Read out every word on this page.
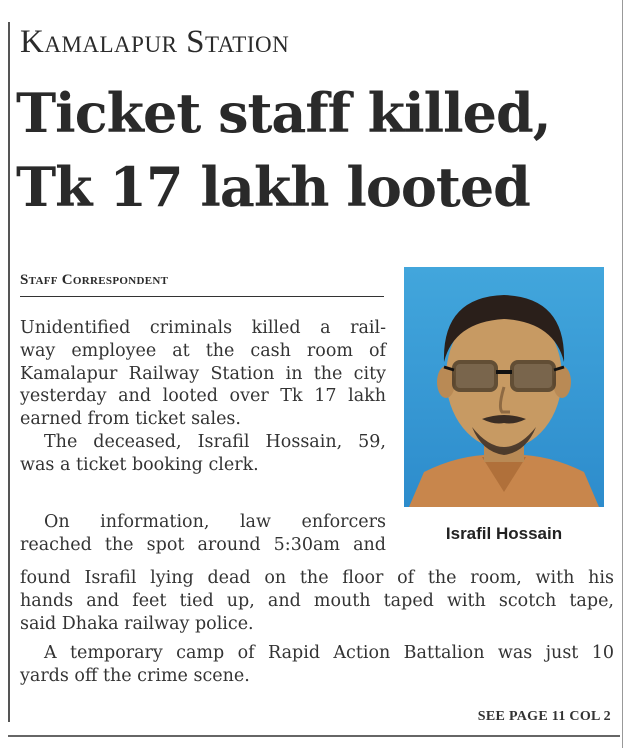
Kamalapur Station
Ticket staff killed,
Tk 17 lakh looted
Staff Correspondent
Israfil Hossain
Unidentified criminals killed a rail-
way employee at the cash room of
Kamalapur Railway Station in the city
yesterday and looted over Tk 17 lakh
earned from ticket sales.
The deceased, Israfil Hossain, 59,
was a ticket booking clerk.
On information, law enforcers
reached the spot around 5:30am and
found Israfil lying dead on the floor of the room, with his
hands and feet tied up, and mouth taped with scotch tape,
said Dhaka railway police.
A temporary camp of Rapid Action Battalion was just 10
yards off the crime scene.
SEE PAGE 11 COL 2
